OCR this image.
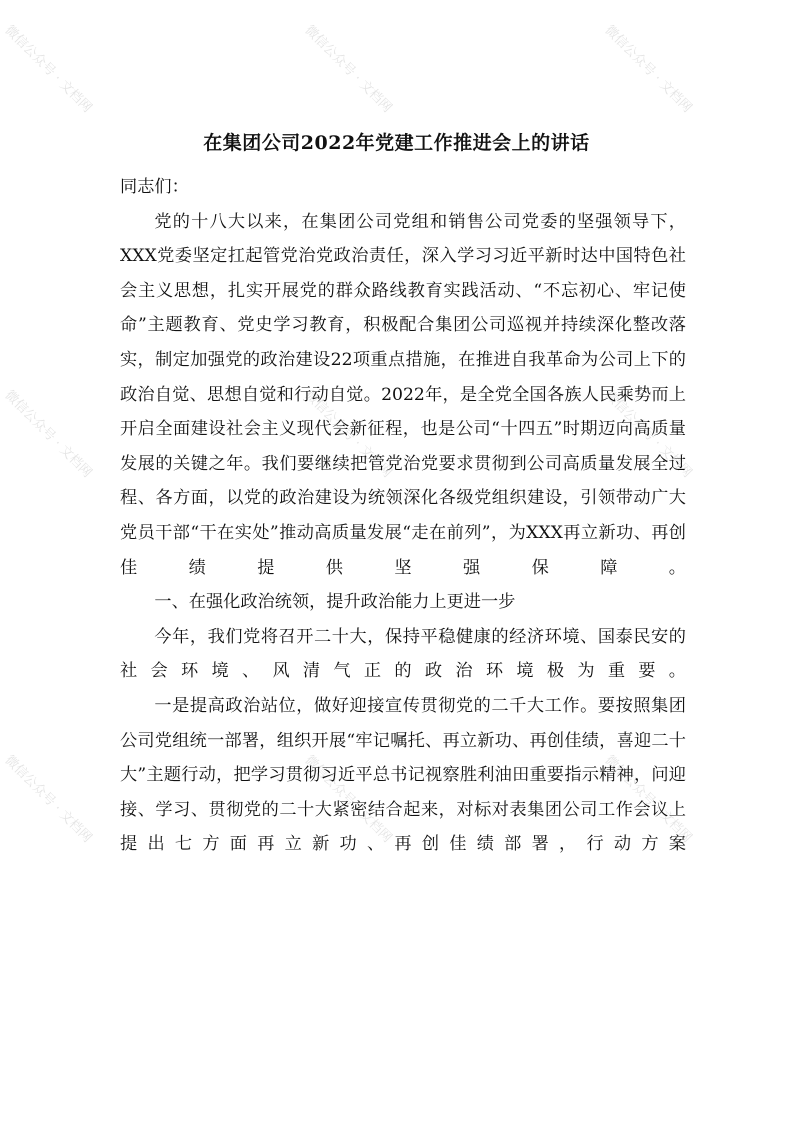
微信公众号 · 文档网	微信公众号 · 文档网	微信公众号 · 文档网
微信公众号 · 文档网	微信公众号 · 文档网	微信公众号 · 文档网
微信公众号 · 文档网	微信公众号 · 文档网	微信公众号 · 文档网
在集团公司2022年党建工作推进会上的讲话

同志们：

党的十八大以来，在集团公司党组和销售公司党委的坚强领导下，XXX党委坚定扛起管党治党政治责任，深入学习习近平新时达中国特色社会主义思想，扎实开展党的群众路线教育实践活动、“不忘初心、牢记使命”主题教育、党史学习教育，积极配合集团公司巡视并持续深化整改落实，制定加强党的政治建设22项重点措施，在推进自我革命为公司上下的政治自觉、思想自觉和行动自觉。2022年，是全党全国各族人民乘势而上开启全面建设社会主义现代会新征程，也是公司“十四五”时期迈向高质量发展的关键之年。我们要继续把管党治党要求贯彻到公司高质量发展全过程、各方面，以党的政治建设为统领深化各级党组织建设，引领带动广大党员干部“干在实处”推动高质量发展“走在前列”，为XXX再立新功、再创佳绩提供坚强保障。

一、在强化政治统领，提升政治能力上更进一步

今年，我们党将召开二十大，保持平稳健康的经济环境、国泰民安的社会环境、风清气正的政治环境极为重要。

一是提高政治站位，做好迎接宣传贯彻党的二千大工作。要按照集团公司党组统一部署，组织开展“牢记嘱托、再立新功、再创佳绩，喜迎二十大”主题行动，把学习贯彻习近平总书记视察胜利油田重要指示精神，问迎接、学习、贯彻党的二十大紧密结合起来，对标对表集团公司工作会议上提出七方面再立新功、再创佳绩部署，行动方案
